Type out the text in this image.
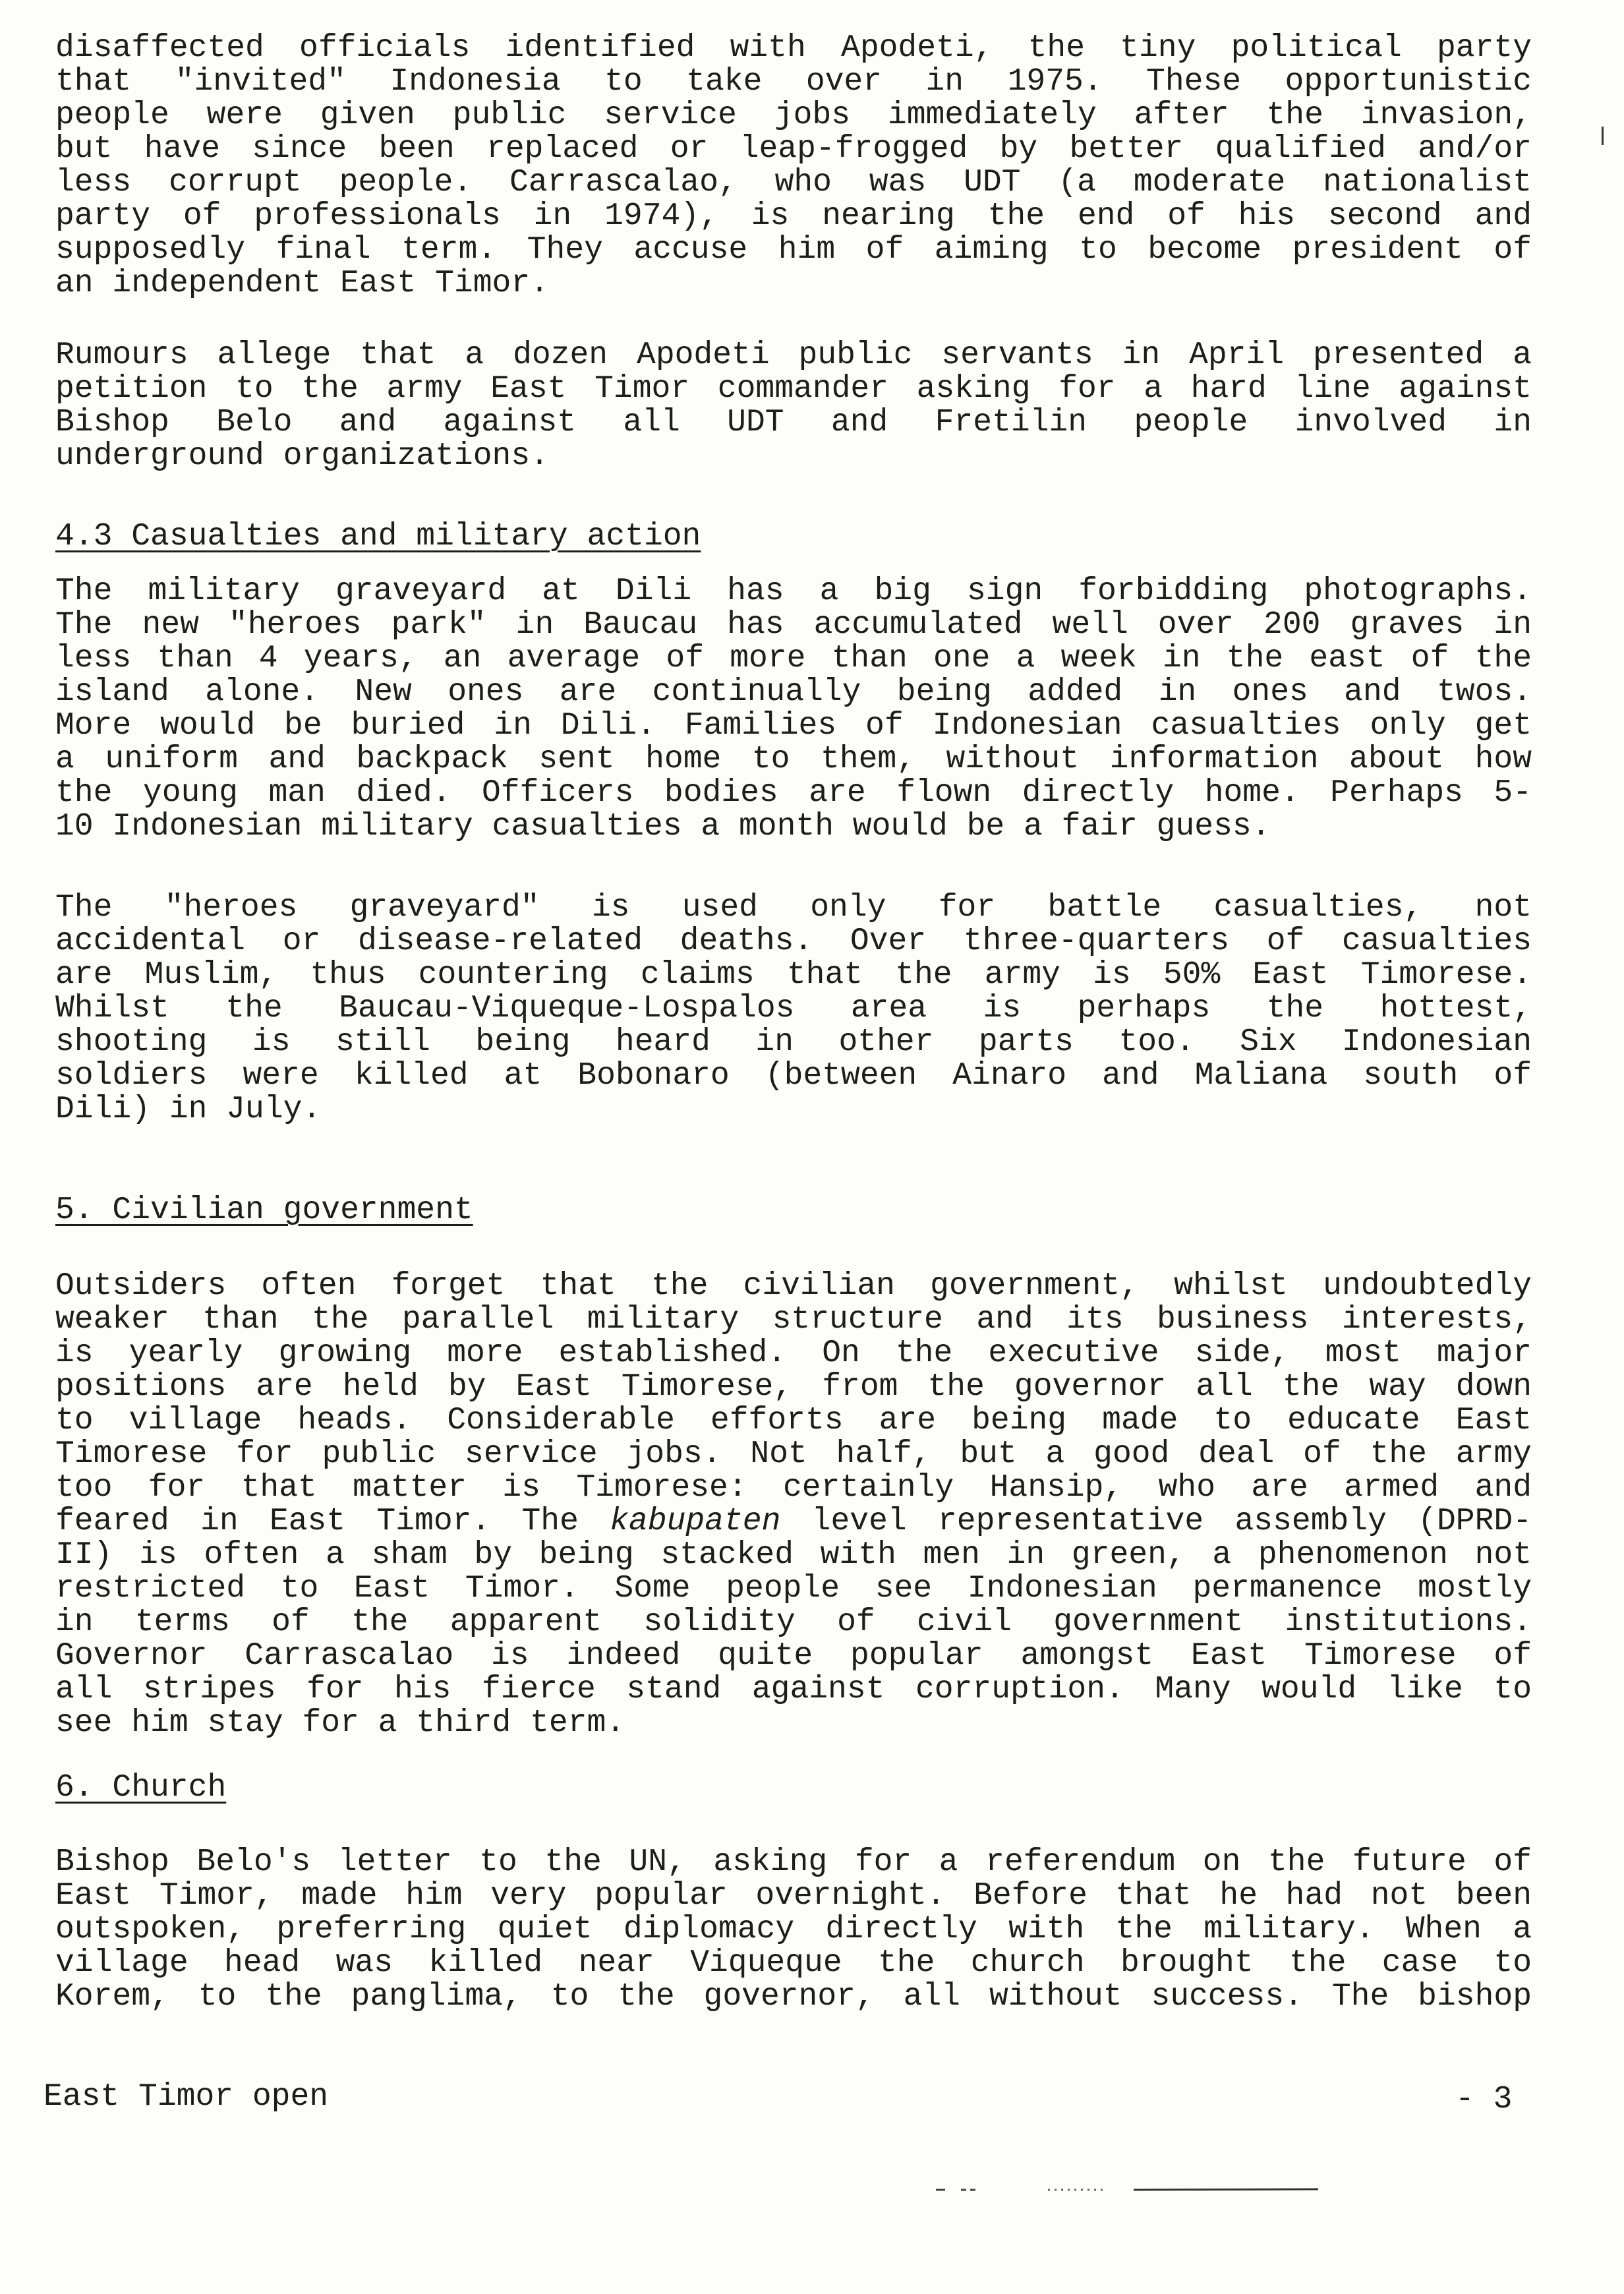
disaffected officials identified with Apodeti, the tiny political party
that "invited" Indonesia to take over in 1975. These opportunistic
people were given public service jobs immediately after the invasion,
but have since been replaced or leap-frogged by better qualified and/or
less corrupt people. Carrascalao, who was UDT (a moderate nationalist
party of professionals in 1974), is nearing the end of his second and
supposedly final term. They accuse him of aiming to become president of
an independent East Timor.
Rumours allege that a dozen Apodeti public servants in April presented a
petition to the army East Timor commander asking for a hard line against
Bishop Belo and against all UDT and Fretilin people involved in
underground organizations.
4.3 Casualties and military action
The military graveyard at Dili has a big sign forbidding photographs.
The new "heroes park" in Baucau has accumulated well over 200 graves in
less than 4 years, an average of more than one a week in the east of the
island alone. New ones are continually being added in ones and twos.
More would be buried in Dili. Families of Indonesian casualties only get
a uniform and backpack sent home to them, without information about how
the young man died. Officers bodies are flown directly home. Perhaps 5-
10 Indonesian military casualties a month would be a fair guess.
The "heroes graveyard" is used only for battle casualties, not
accidental or disease-related deaths. Over three-quarters of casualties
are Muslim, thus countering claims that the army is 50% East Timorese.
Whilst the Baucau-Viqueque-Lospalos area is perhaps the hottest,
shooting is still being heard in other parts too. Six Indonesian
soldiers were killed at Bobonaro (between Ainaro and Maliana south of
Dili) in July.
5. Civilian government
Outsiders often forget that the civilian government, whilst undoubtedly
weaker than the parallel military structure and its business interests,
is yearly growing more established. On the executive side, most major
positions are held by East Timorese, from the governor all the way down
to village heads. Considerable efforts are being made to educate East
Timorese for public service jobs. Not half, but a good deal of the army
too for that matter is Timorese: certainly Hansip, who are armed and
feared in East Timor. The kabupaten level representative assembly (DPRD-
II) is often a sham by being stacked with men in green, a phenomenon not
restricted to East Timor. Some people see Indonesian permanence mostly
in terms of the apparent solidity of civil government institutions.
Governor Carrascalao is indeed quite popular amongst East Timorese of
all stripes for his fierce stand against corruption. Many would like to
see him stay for a third term.
6. Church
Bishop Belo's letter to the UN, asking for a referendum on the future of
East Timor, made him very popular overnight. Before that he had not been
outspoken, preferring quiet diplomacy directly with the military. When a
village head was killed near Viqueque the church brought the case to
Korem, to the panglima, to the governor, all without success. The bishop
East Timor open	- 3
